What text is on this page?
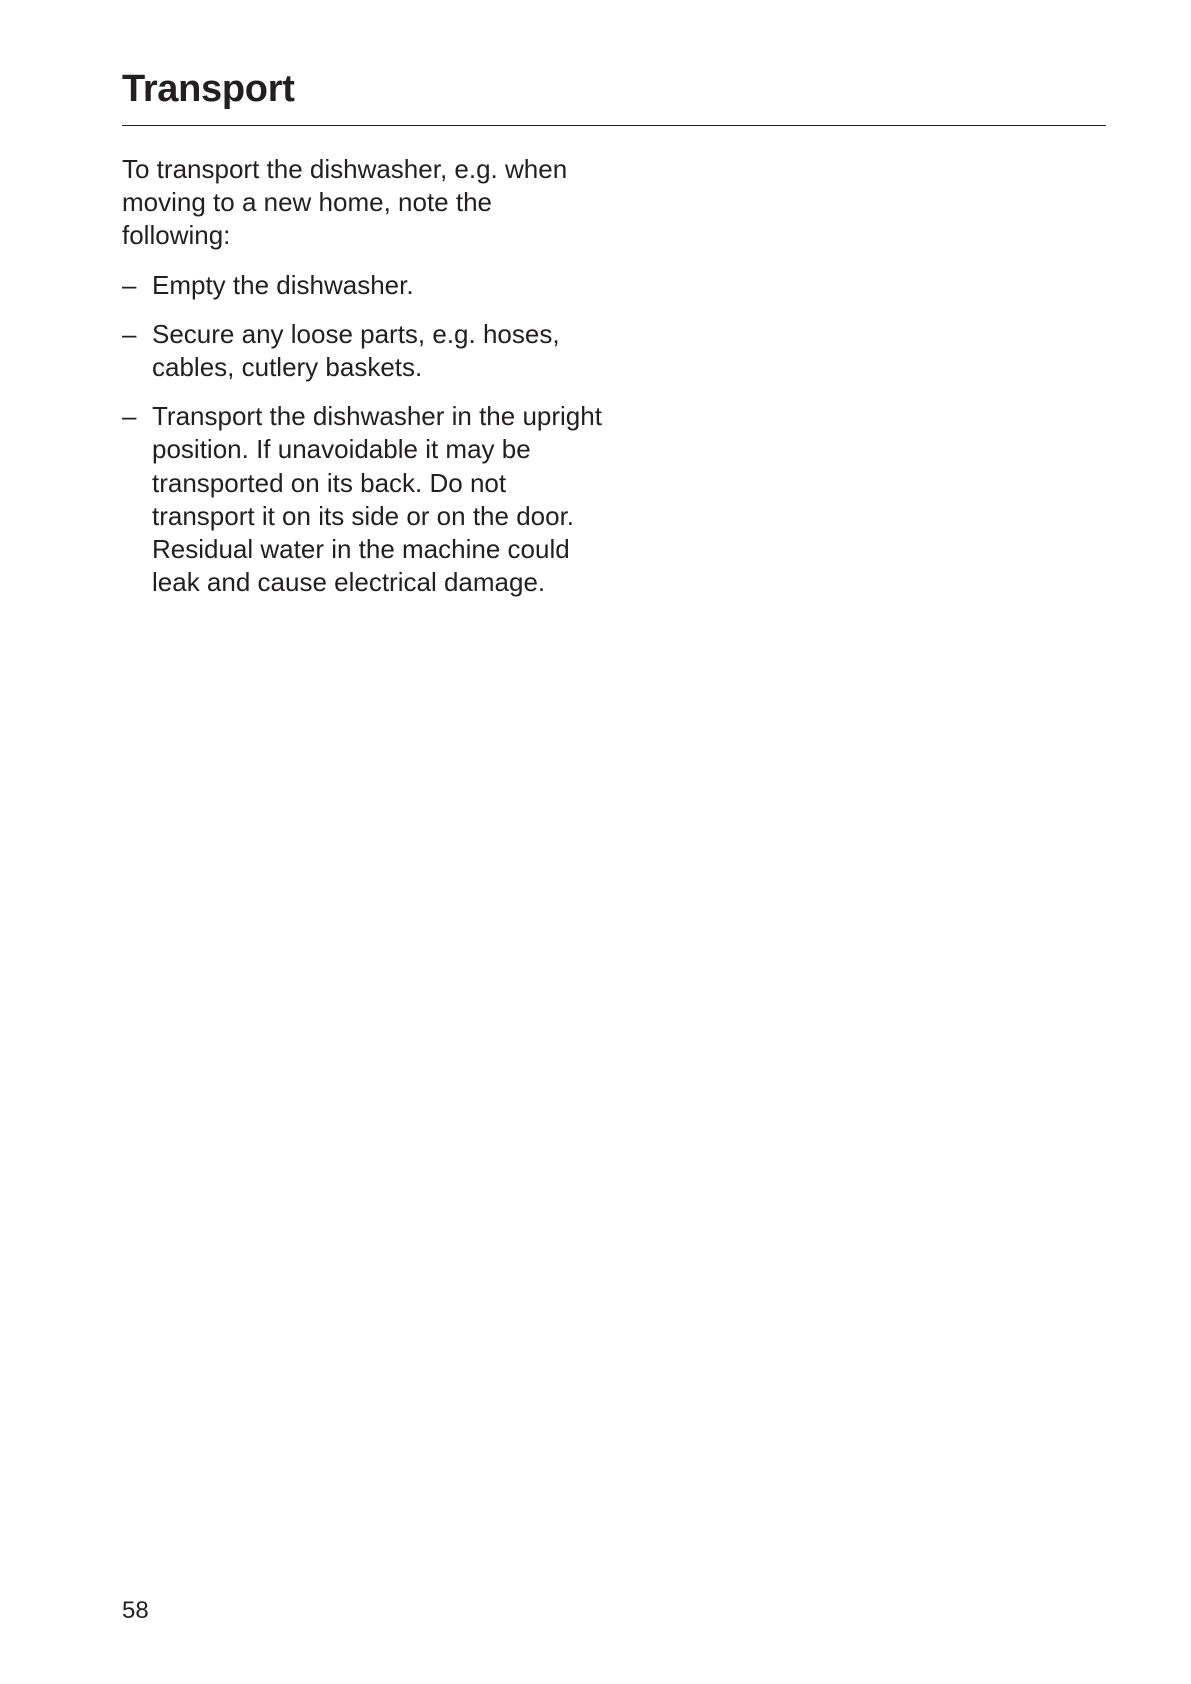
Transport

To transport the dishwasher, e.g. when moving to a new home, note the following:

– Empty the dishwasher.
– Secure any loose parts, e.g. hoses, cables, cutlery baskets.
– Transport the dishwasher in the upright position. If unavoidable it may be transported on its back. Do not transport it on its side or on the door. Residual water in the machine could leak and cause electrical damage.
58
